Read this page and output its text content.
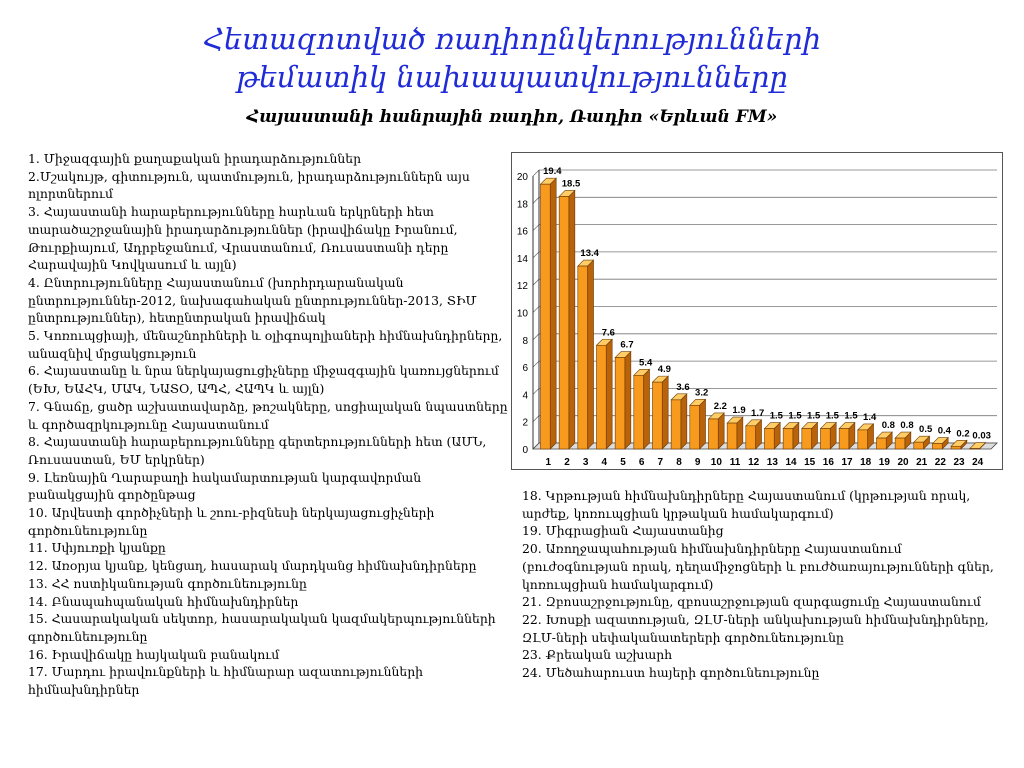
Հետազոտված ռադիոընկերությունների
թեմատիկ նախապատվությունները
Հայաստանի հանրային ռադիո, Ռադիո «Երևան FM»
1. Միջազգային քաղաքական իրադարձություններ
2.Մշակույթ, գիտություն, պատմություն, իրադարձություններն այս ոլորտներում
3. Հայաստանի հարաբերությունները հարևան երկրների հետ տարածաշրջանային իրադարձություններ (իրավիճակը Իրանում, Թուրքիայում, Ադրբեջանում, Վրաստանում, Ռուսաստանի դերը Հարավային Կովկասում և այլն)
4. Ընտրությունները Հայաստանում (խորհրդարանական ընտրություններ-2012, նախագահական ընտրություններ-2013, ՏԻՄ ընտրություններ), հետընտրական իրավիճակ
5. Կոռուպցիայի, մենաշնորհների և օլիգոպոլիաների հիմնախնդիրները, անազնիվ մրցակցություն
6. Հայաստանը և նրա ներկայացուցիչները միջազգային կառույցներում (ԵԽ, ԵԱՀԿ, ՄԱԿ, ՆԱՏՕ, ԱՊՀ, ՀԱՊԿ և այլն)
7. Գնաճը, ցածր աշխատավարձը, թոշակները, սոցիալական նպաստները և գործազրկությունը Հայաստանում
8. Հայաստանի հարաբերությունները գերտերությունների հետ (ԱՄՆ, Ռուսաստան, ԵՄ երկրներ)
9. Լեռնային Ղարաբաղի հակամարտության կարգավորման բանակցային գործընթաց
10. Արվեստի գործիչների և շոու-բիզնեսի ներկայացուցիչների գործունեությունը
11. Սփյուռքի կյանքը
12. Առօրյա կյանք, կենցաղ, հասարակ մարդկանց հիմնախնդիրները
13. ՀՀ ոստիկանության գործունեությունը
14. Բնապահպանական հիմնախնդիրներ
15. Հասարակական սեկտոր, հասարակական կազմակերպությունների գործունեությունը
16. Իրավիճակը հայկական բանակում
17. Մարդու իրավունքների և հիմնարար ազատությունների հիմնախնդիրներ
18. Կրթության հիմնախնդիրները Հայաստանում (կրթության որակ, արժեք, կոռուպցիան կրթական համակարգում)
19. Միգրացիան Հայաստանից
20. Առողջապահության հիմնախնդիրները Հայաստանում (բուժօգնության որակ, դեղամիջոցների և բուժծառայությունների գներ, կոռուպցիան համակարգում)
21. Զբոսաշրջությունը, զբոսաշրջության զարգացումը Հայաստանում
22. Խոսքի ազատության, ԶԼՄ-ների անկախության հիմնախնդիրները, ԶԼՄ-ների սեփականատերերի գործունեությունը
23. Քրեական աշխարհ
24. Մեծահարուստ հայերի գործունեությունը
0
2
4
6
8
10
12
14
16
18
20
19.4
1
18.5
2
13.4
3
7.6
4
6.7
5
5.4
6
4.9
7
3.6
8
3.2
9
2.2
10
1.9
11
1.7
12
1.5
13
1.5
14
1.5
15
1.5
16
1.5
17
1.4
18
0.8
19
0.8
20
0.5
21
0.4
22
0.2
23
0.03
24
